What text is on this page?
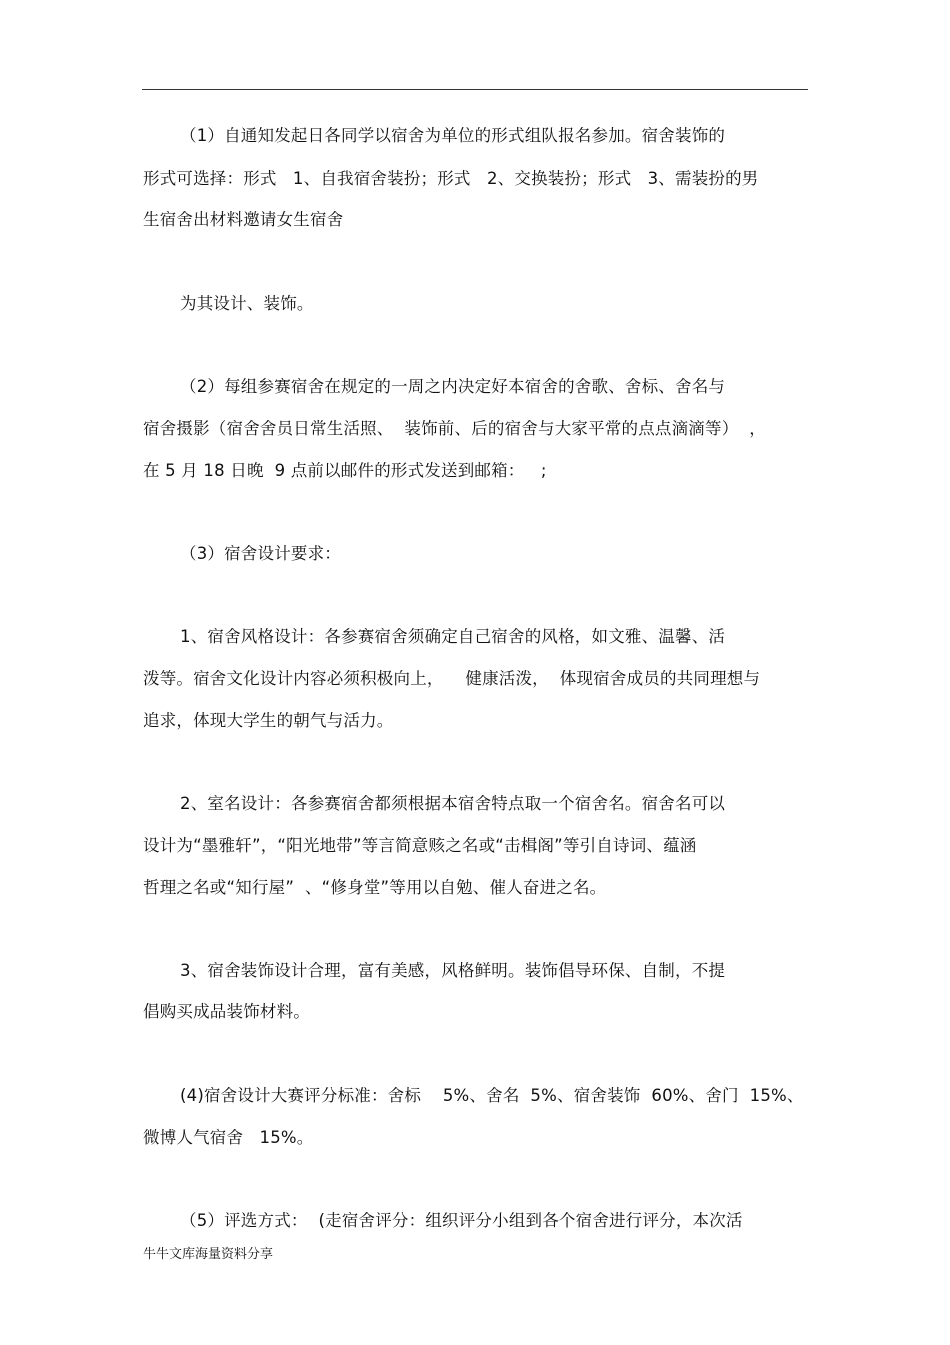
（1）自通知发起日各同学以宿舍为单位的形式组队报名参加。宿舍装饰的
形式可选择：形式   1、自我宿舍装扮；形式   2、交换装扮；形式   3、需装扮的男
生宿舍出材料邀请女生宿舍
为其设计、装饰。
（2）每组参赛宿舍在规定的一周之内决定好本宿舍的舍歌、舍标、舍名与
宿舍摄影（宿舍舍员日常生活照、  装饰前、后的宿舍与大家平常的点点滴滴等）  ，
在 5 月 18 日晚  9 点前以邮件的形式发送到邮箱：   ;
（3）宿舍设计要求：
1、宿舍风格设计：各参赛宿舍须确定自己宿舍的风格，如文雅、温馨、活
泼等。宿舍文化设计内容必须积极向上，    健康活泼，  体现宿舍成员的共同理想与
追求，体现大学生的朝气与活力。
2、室名设计：各参赛宿舍都须根据本宿舍特点取一个宿舍名。宿舍名可以
设计为“墨雅轩”，“阳光地带”等言简意赅之名或“击楫阁”等引自诗词、蕴涵
哲理之名或“知行屋”  、“修身堂”等用以自勉、催人奋进之名。
3、宿舍装饰设计合理，富有美感，风格鲜明。装饰倡导环保、自制，不提
倡购买成品装饰材料。
(4)宿舍设计大赛评分标准：舍标    5%、舍名  5%、宿舍装饰  60%、舍门  15%、
微博人气宿舍   15%。
（5）评选方式：  (走宿舍评分：组织评分小组到各个宿舍进行评分，本次活
牛牛文库海量资料分享
